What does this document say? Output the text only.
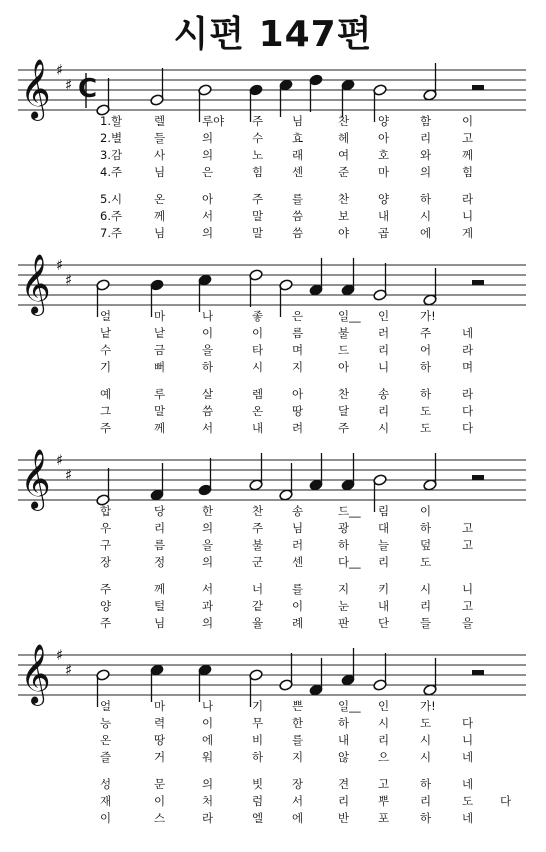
시편 147편
𝄞 ♯
♯ C
1.할	렐	루야 주	님	찬	양	함	이
2.별	들	의	수	효	헤	아	리	고
3.감	사	의	노	래	여	호	와	께
4.주	님	은	힘	센	준	마	의	힘
5.시	온	아	주	를	찬	양	하	라
6.주	께	서	말	씀	보	내	시	니
7.주	님	의	말	씀	야	곱	에	게
𝄞 ♯
♯
얼	마	나	좋	은	일__ 인	가!
낱	낱	이	이	름	불	러	주	네
수	금	을	타	며	드	리	어	라
기	뻐	하	시	지	아	니	하	며
예	루	살	렘	아	찬	송	하	라
그	말	씀	온	땅	달	리	도	다
주	께	서	내	려	주	시	도	다
𝄞 ♯
♯
합	당	한	찬	송	드__ 림	이
우	리	의	주	님	광	대	하	고
구	름	을	불	러	하	늘	덮	고
장	정	의	군	센	다__ 리	도
주	께	서	너	를	지	키	시	니
양	털	과	같	이	눈	내	리	고
주	님	의	율	례	판	단	들	을
𝄞 ♯
♯
얼	마	나	기	쁜	일__ 인	가!
능	력	이	무	한	하	시	도	다
온	땅	에	비	를	내	리	시	니
즐	거	워	하	지	않	으	시	네
성	문	의	빗	장	견	고	하	네
재	이	처	럼	서	리	뿌	리	도 다
이	스	라	엘	에	반	포	하	네
